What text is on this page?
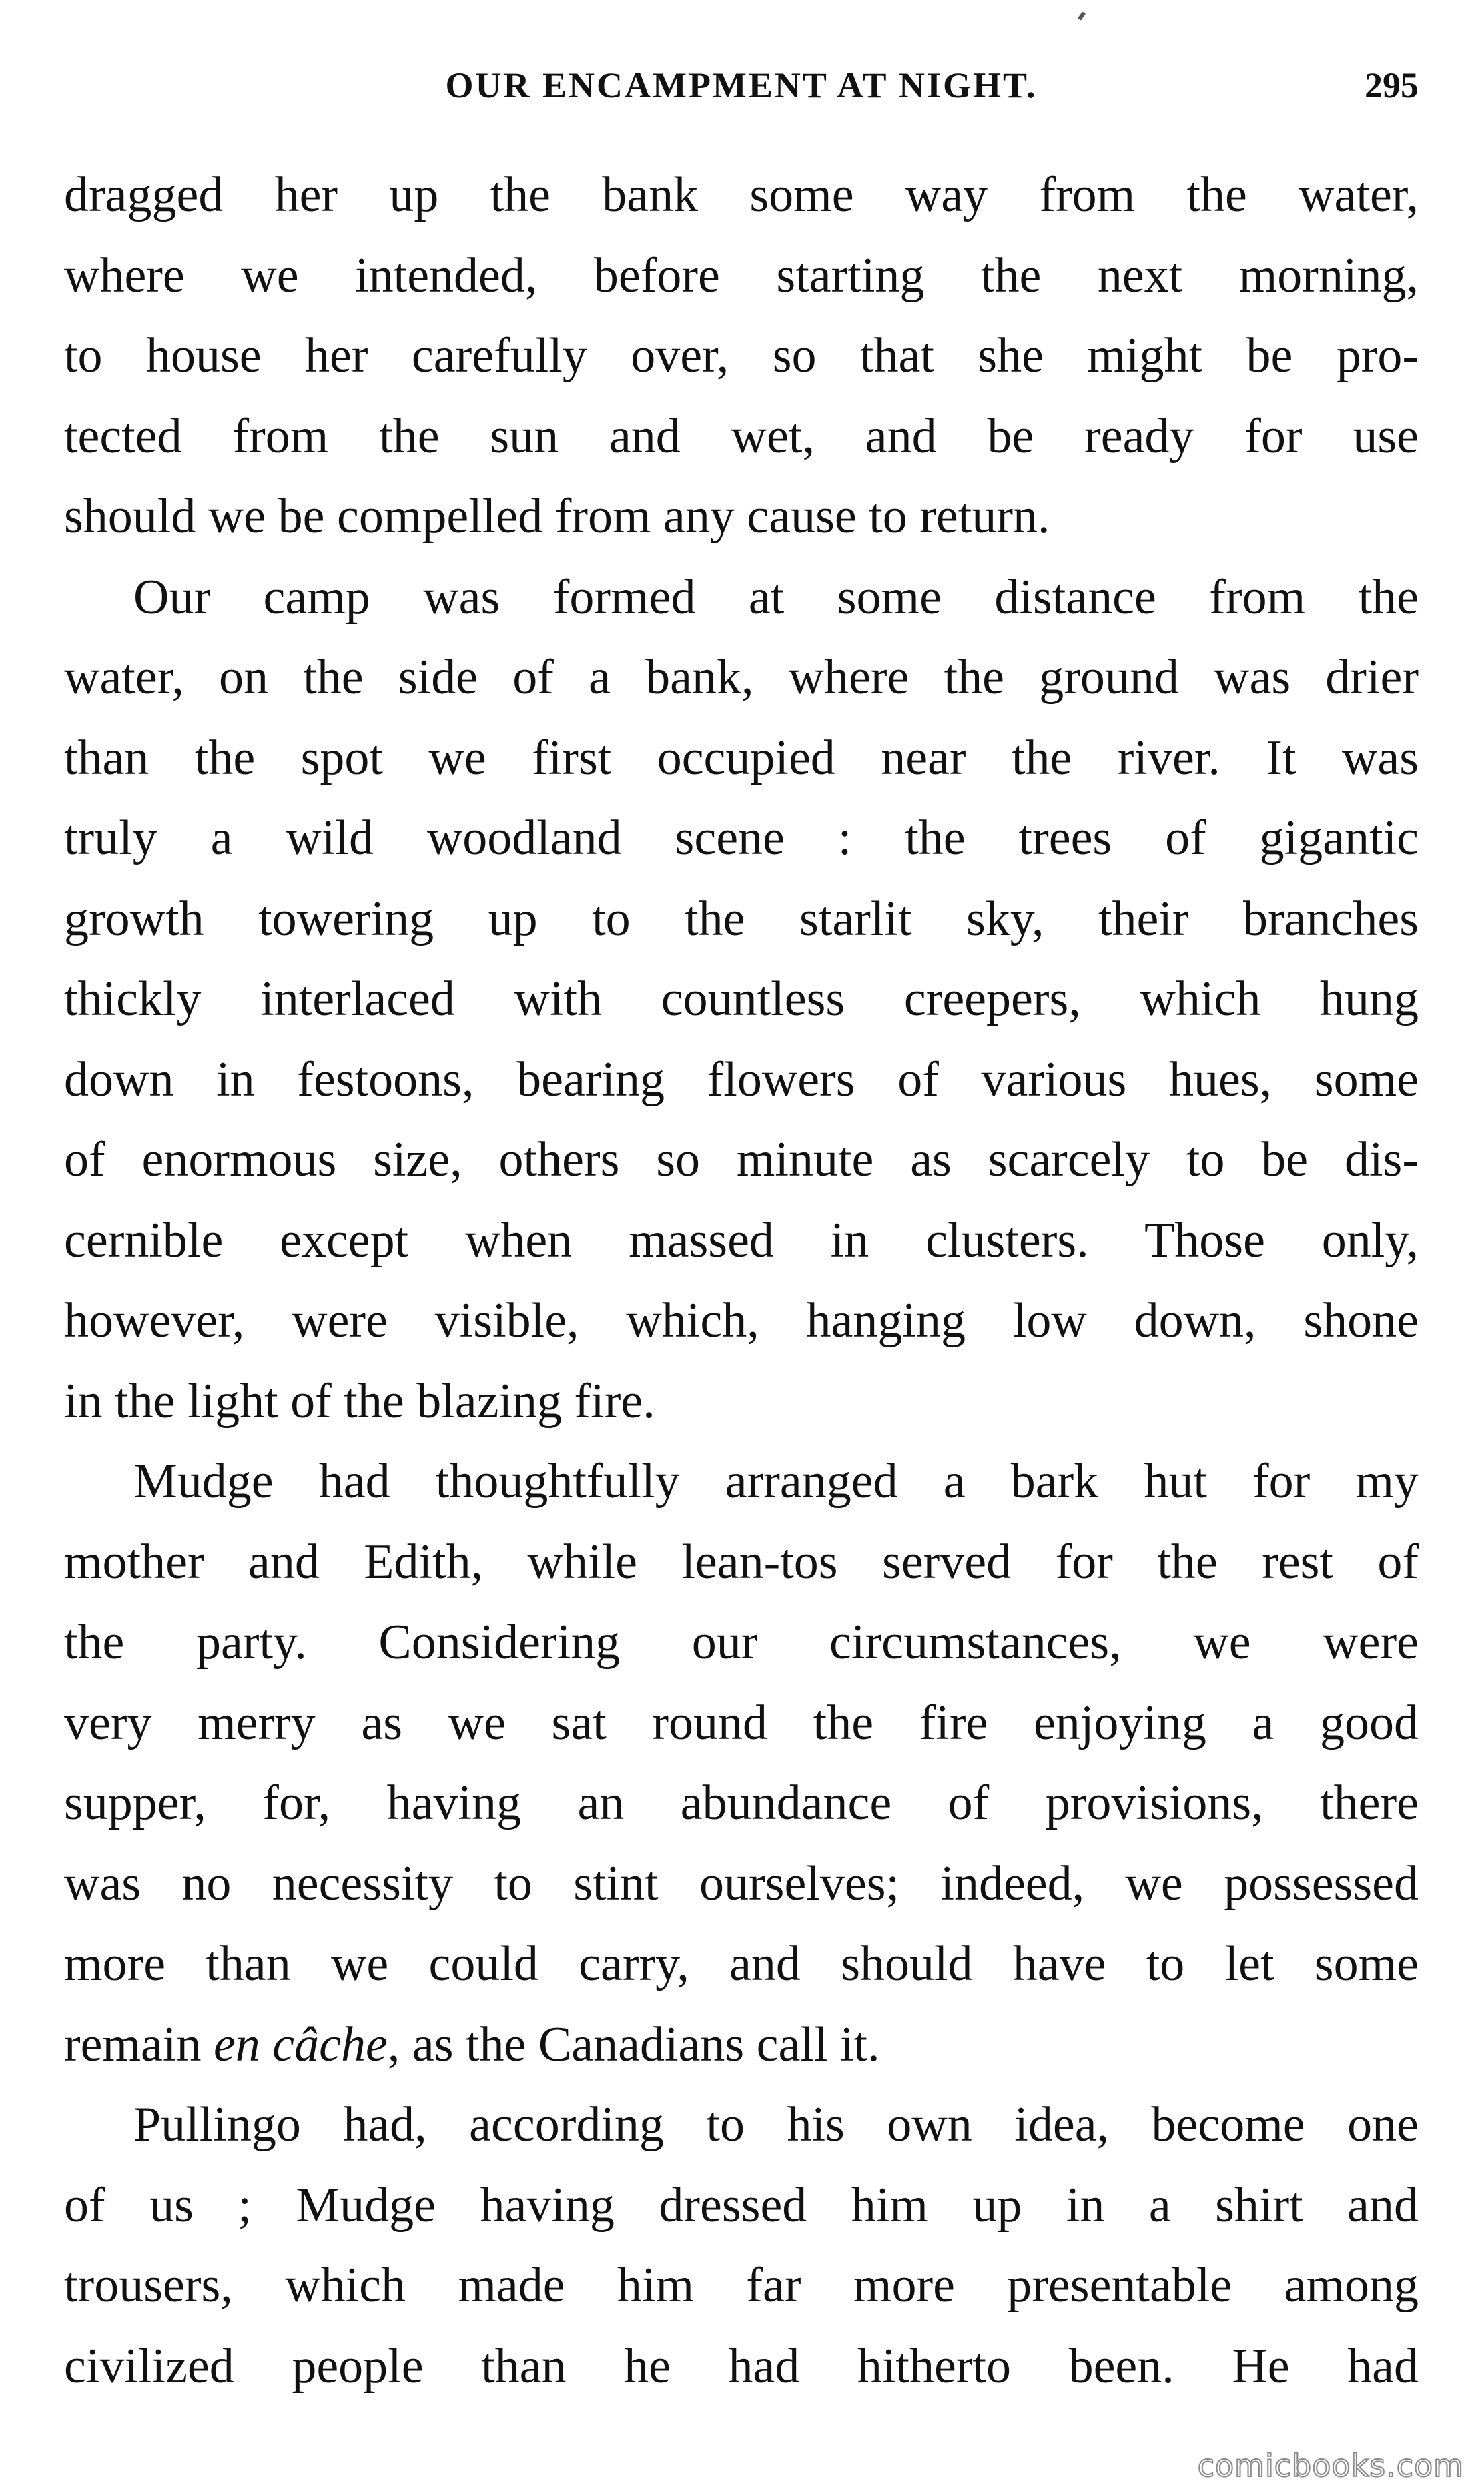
OUR ENCAMPMENT AT NIGHT.	295
dragged her up the bank some way from the water,
where we intended, before starting the next morning,
to house her carefully over, so that she might be pro-
tected from the sun and wet, and be ready for use
should we be compelled from any cause to return.
Our camp was formed at some distance from the
water, on the side of a bank, where the ground was drier
than the spot we first occupied near the river. It was
truly a wild woodland scene : the trees of gigantic
growth towering up to the starlit sky, their branches
thickly interlaced with countless creepers, which hung
down in festoons, bearing flowers of various hues, some
of enormous size, others so minute as scarcely to be dis-
cernible except when massed in clusters. Those only,
however, were visible, which, hanging low down, shone
in the light of the blazing fire.
Mudge had thoughtfully arranged a bark hut for my
mother and Edith, while lean-tos served for the rest of
the party. Considering our circumstances, we were
very merry as we sat round the fire enjoying a good
supper, for, having an abundance of provisions, there
was no necessity to stint ourselves; indeed, we possessed
more than we could carry, and should have to let some
remain en câche, as the Canadians call it.
Pullingo had, according to his own idea, become one
of us ; Mudge having dressed him up in a shirt and
trousers, which made him far more presentable among
civilized people than he had hitherto been. He had
comicbooks.com
